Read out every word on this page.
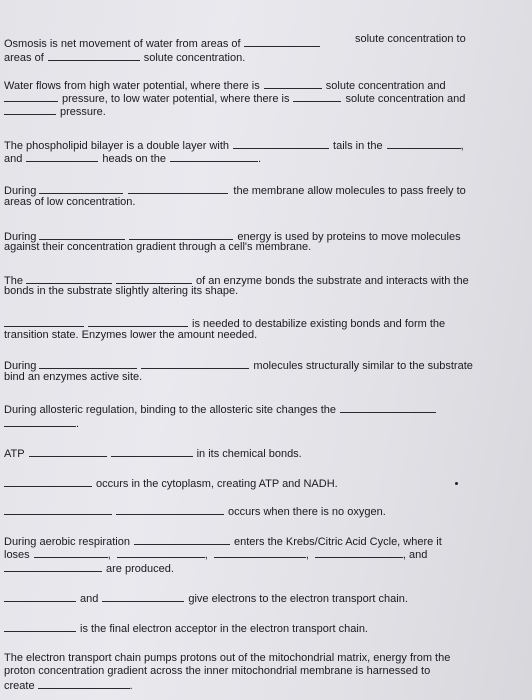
Osmosis is net movement of water from areas of	solute concentration to
areas of	solute concentration.
Water flows from high water potential, where there is	solute concentration and
pressure, to low water potential, where there is	solute concentration and
pressure.
The phospholipid bilayer is a double layer with	tails in the	,
and	heads on the	.
During	the membrane allow molecules to pass freely to
areas of low concentration.
During	energy is used by proteins to move molecules
against their concentration gradient through a cell's membrane.
The	of an enzyme bonds the substrate and interacts with the
bonds in the substrate slightly altering its shape.
is needed to destabilize existing bonds and form the
transition state. Enzymes lower the amount needed.
During	molecules structurally similar to the substrate
bind an enzymes active site.
During allosteric regulation, binding to the allosteric site changes the
.
ATP	in its chemical bonds.
occurs in the cytoplasm, creating ATP and NADH.
occurs when there is no oxygen.
During aerobic respiration	enters the Krebs/Citric Acid Cycle, where it
loses	,	,	,	, and
are produced.
and	give electrons to the electron transport chain.
is the final electron acceptor in the electron transport chain.
The electron transport chain pumps protons out of the mitochondrial matrix, energy from the
proton concentration gradient across the inner mitochondrial membrane is harnessed to
create	.
